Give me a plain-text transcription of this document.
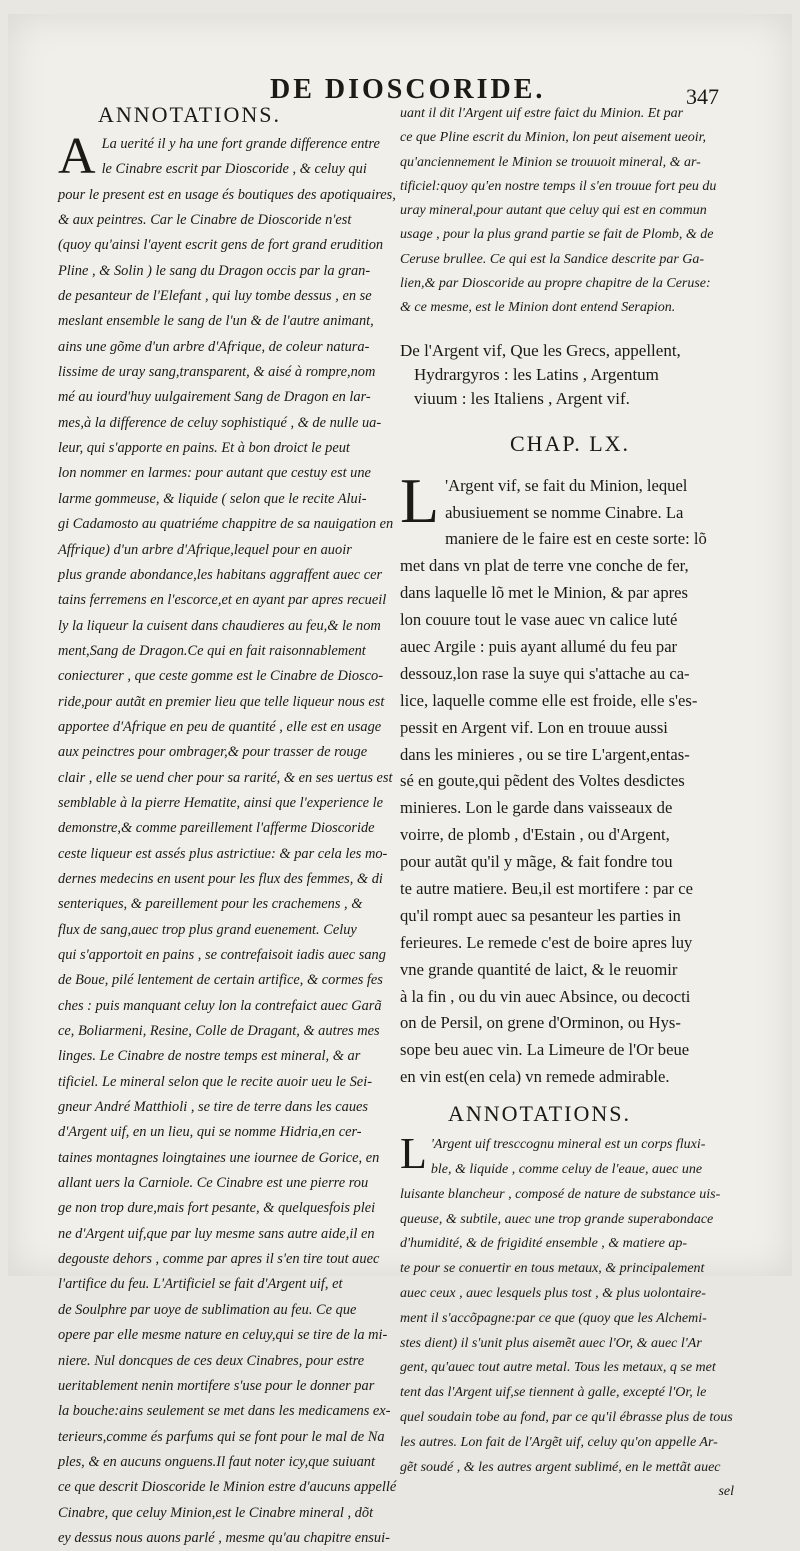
DE DIOSCORIDE.	347
ANNOTATIONS.
A La uerité il y ha une fort grande difference entre
le Cinabre escrit par Dioscoride , & celuy qui
pour le present est en usage és boutiques des apotiquaires,
& aux peintres. Car le Cinabre de Dioscoride n'est
(quoy qu'ainsi l'ayent escrit gens de fort grand erudition
Pline , & Solin ) le sang du Dragon occis par la gran-
de pesanteur de l'Elefant , qui luy tombe dessus , en se
meslant ensemble le sang de l'un & de l'autre animant,
ains une gõme d'un arbre d'Afrique, de coleur natura-
lissime de uray sang,transparent, & aisé à rompre,nom
mé au iourd'huy uulgairement Sang de Dragon en lar-
mes,à la difference de celuy sophistiqué , & de nulle ua-
leur, qui s'apporte en pains. Et à bon droict le peut
lon nommer en larmes: pour autant que cestuy est une
larme gommeuse, & liquide ( selon que le recite Alui-
gi Cadamosto au quatriéme chappitre de sa nauigation en
Affrique) d'un arbre d'Afrique,lequel pour en auoir
plus grande abondance,les habitans aggraffent auec cer
tains ferremens en l'escorce,et en ayant par apres recueil
ly la liqueur la cuisent dans chaudieres au feu,& le nom
ment,Sang de Dragon.Ce qui en fait raisonnablement
coniecturer , que ceste gomme est le Cinabre de Diosco-
ride,pour autãt en premier lieu que telle liqueur nous est
apportee d'Afrique en peu de quantité , elle est en usage
aux peinctres pour ombrager,& pour trasser de rouge
clair , elle se uend cher pour sa rarité, & en ses uertus est
semblable à la pierre Hematite, ainsi que l'experience le
demonstre,& comme pareillement l'afferme Dioscoride
ceste liqueur est assés plus astrictiue: & par cela les mo-
dernes medecins en usent pour les flux des femmes, & di
senteriques, & pareillement pour les crachemens , &
flux de sang,auec trop plus grand euenement. Celuy
qui s'apportoit en pains , se contrefaisoit iadis auec sang
de Boue, pilé lentement de certain artifice, & cormes fes
ches : puis manquant celuy lon la contrefaict auec Garã
ce, Boliarmeni, Resine, Colle de Dragant, & autres mes
linges. Le Cinabre de nostre temps est mineral, & ar
tificiel. Le mineral selon que le recite auoir ueu le Sei-
gneur André Matthioli , se tire de terre dans les caues
d'Argent uif, en un lieu, qui se nomme Hidria,en cer-
taines montagnes loingtaines une iournee de Gorice, en
allant uers la Carniole. Ce Cinabre est une pierre rou
ge non trop dure,mais fort pesante, & quelquesfois plei
ne d'Argent uif,que par luy mesme sans autre aide,il en
degouste dehors , comme par apres il s'en tire tout auec
l'artifice du feu. L'Artificiel se fait d'Argent uif, et
de Soulphre par uoye de sublimation au feu. Ce que
opere par elle mesme nature en celuy,qui se tire de la mi-
niere. Nul doncques de ces deux Cinabres, pour estre
ueritablement nenin mortifere s'use pour le donner par
la bouche:ains seulement se met dans les medicamens ex-
terieurs,comme és parfums qui se font pour le mal de Na
ples, & en aucuns onguens.Il faut noter icy,que suiuant
ce que descrit Dioscoride le Minion estre d'aucuns appellé
Cinabre, que celuy Minion,est le Cinabre mineral , dõt
ey dessus nous auons parlé , mesme qu'au chapitre ensui-
uant il dit l'Argent uif estre faict du Minion. Et par
ce que Pline escrit du Minion, lon peut aisement ueoir,
qu'anciennement le Minion se trouuoit mineral, & ar-
tificiel:quoy qu'en nostre temps il s'en trouue fort peu du
uray mineral,pour autant que celuy qui est en commun
usage , pour la plus grand partie se fait de Plomb, & de
Ceruse brullee. Ce qui est la Sandice descrite par Ga-
lien,& par Dioscoride au propre chapitre de la Ceruse:
& ce mesme, est le Minion dont entend Serapion.
De l'Argent vif, Que les Grecs, appellent,
Hydrargyros : les Latins , Argentum
viuum : les Italiens , Argent vif.
CHAP. LX.
L 'Argent vif, se fait du Minion, lequel
abusiuement se nomme Cinabre. La
maniere de le faire est en ceste sorte: lõ
met dans vn plat de terre vne conche de fer,
dans laquelle lõ met le Minion, & par apres
lon couure tout le vase auec vn calice luté
auec Argile : puis ayant allumé du feu par
dessouz,lon rase la suye qui s'attache au ca-
lice, laquelle comme elle est froide, elle s'es-
pessit en Argent vif. Lon en trouue aussi
dans les minieres , ou se tire L'argent,entas-
sé en goute,qui pẽdent des Voltes desdictes
minieres. Lon le garde dans vaisseaux de
voirre, de plomb , d'Estain , ou d'Argent,
pour autãt qu'il y mãge, & fait fondre tou
te autre matiere. Beu,il est mortifere : par ce
qu'il rompt auec sa pesanteur les parties in
ferieures. Le remede c'est de boire apres luy
vne grande quantité de laict, & le reuomir
à la fin , ou du vin auec Absince, ou decocti
on de Persil, on grene d'Orminon, ou Hys-
sope beu auec vin. La Limeure de l'Or beue
en vin est(en cela) vn remede admirable.
ANNOTATIONS.
L 'Argent uif tresccognu mineral est un corps fluxi-
ble, & liquide , comme celuy de l'eaue, auec une
luisante blancheur , composé de nature de substance uis-
queuse, & subtile, auec une trop grande superabondace
d'humidité, & de frigidité ensemble , & matiere ap-
te pour se conuertir en tous metaux, & principalement
auec ceux , auec lesquels plus tost , & plus uolontaire-
ment il s'accõpagne:par ce que (quoy que les Alchemi-
stes dient) il s'unit plus aisemẽt auec l'Or, & auec l'Ar
gent, qu'auec tout autre metal. Tous les metaux, q se met
tent das l'Argent uif,se tiennent à galle, excepté l'Or, le
quel soudain tobe au fond, par ce qu'il ébrasse plus de tous
les autres. Lon fait de l'Argẽt uif, celuy qu'on appelle Ar-
gẽt soudé , & les autres argent sublimé, en le mettãt auec
sel
